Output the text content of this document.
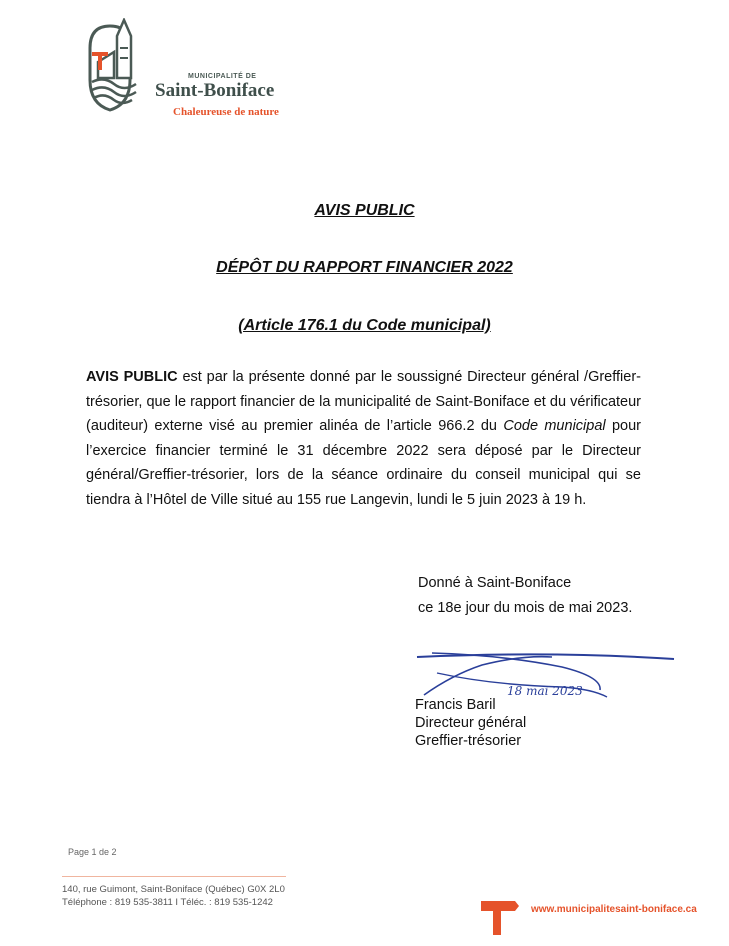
MUNICIPALITÉ DE
Saint-Boniface
Chaleureuse de nature
AVIS PUBLIC
DÉPÔT DU RAPPORT FINANCIER 2022
(Article 176.1 du Code municipal)
AVIS PUBLIC est par la présente donné par le soussigné Directeur général /Greffier-trésorier, que le rapport financier de la municipalité de Saint-Boniface et du vérificateur (auditeur) externe visé au premier alinéa de l’article 966.2 du Code municipal pour l’exercice financier terminé le 31 décembre 2022 sera déposé par le Directeur général/Greffier-trésorier, lors de la séance ordinaire du conseil municipal qui se tiendra à l’Hôtel de Ville situé au 155 rue Langevin, lundi le 5 juin 2023 à 19 h.
Donné à Saint-Boniface
ce 18e jour du mois de mai 2023.
18 mai 2023
Francis Baril
Directeur général
Greffier-trésorier
Page 1 de 2
140, rue Guimont, Saint-Boniface (Québec) G0X 2L0
Téléphone : 819 535-3811 I Téléc. : 819 535-1242
www.municipalitesaint-boniface.ca
